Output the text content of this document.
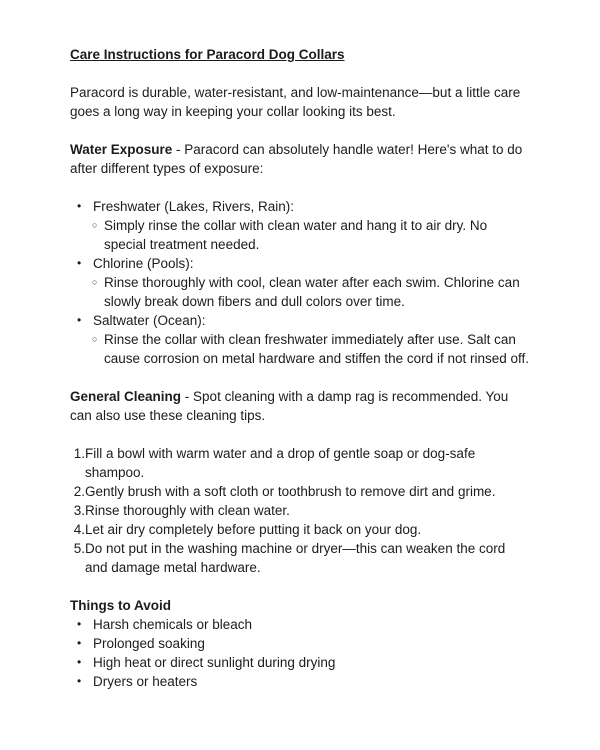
Care Instructions for Paracord Dog Collars
Paracord is durable, water-resistant, and low-maintenance—but a little care goes a long way in keeping your collar looking its best.
Water Exposure - Paracord can absolutely handle water! Here's what to do after different types of exposure:
• Freshwater (Lakes, Rivers, Rain):
○ Simply rinse the collar with clean water and hang it to air dry. No special treatment needed.
• Chlorine (Pools):
○ Rinse thoroughly with cool, clean water after each swim. Chlorine can slowly break down fibers and dull colors over time.
• Saltwater (Ocean):
○ Rinse the collar with clean freshwater immediately after use. Salt can cause corrosion on metal hardware and stiffen the cord if not rinsed off.
General Cleaning - Spot cleaning with a damp rag is recommended. You can also use these cleaning tips.
1. Fill a bowl with warm water and a drop of gentle soap or dog-safe shampoo.
2. Gently brush with a soft cloth or toothbrush to remove dirt and grime.
3. Rinse thoroughly with clean water.
4. Let air dry completely before putting it back on your dog.
5. Do not put in the washing machine or dryer—this can weaken the cord and damage metal hardware.
Things to Avoid
• Harsh chemicals or bleach
• Prolonged soaking
• High heat or direct sunlight during drying
• Dryers or heaters
